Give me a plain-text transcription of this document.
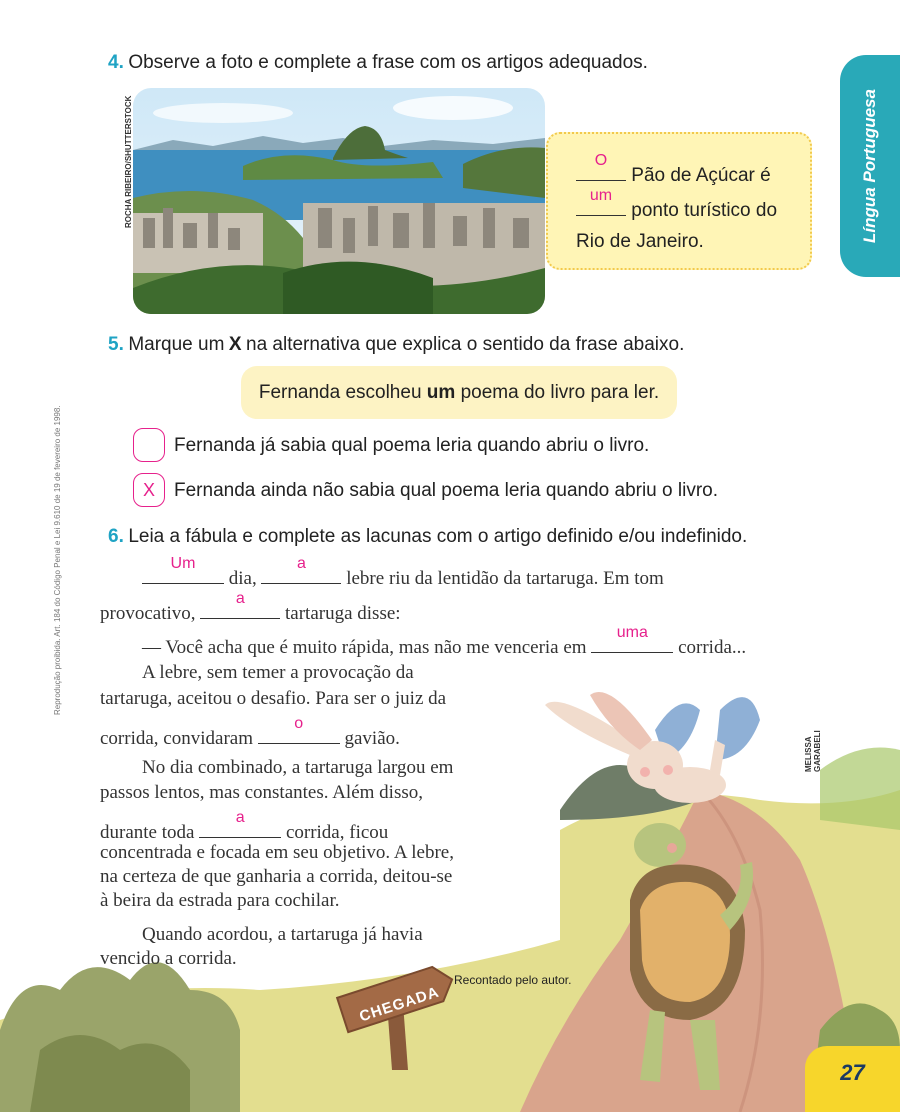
Língua Portuguesa
Reprodução proibida. Art. 184 do Código Penal e Lei 9.610 de 19 de fevereiro de 1998.
4. Observe a foto e complete a frase com os artigos adequados.
ROCHA RIBEIRO/SHUTTERSTOCK	O
Pão de Açúcar é
um
ponto turístico do
Rio de Janeiro.
5. Marque um X na alternativa que explica o sentido da frase abaixo.
Fernanda escolheu um poema do livro para ler.
Fernanda já sabia qual poema leria quando abriu o livro.
X	Fernanda ainda não sabia qual poema leria quando abriu o livro.
6. Leia a fábula e complete as lacunas com o artigo definido e/ou indefinido.
CHEGADA
MELISSA GARABELI
Um
dia,
a
lebre riu da lentidão da tartaruga. Em tom
provocativo,
a
tartaruga disse:
— Você acha que é muito rápida, mas não me venceria em
uma
corrida...
A lebre, sem temer a provocação da
tartaruga, aceitou o desafio. Para ser o juiz da
corrida, convidaram
o
gavião.
No dia combinado, a tartaruga largou em
passos lentos, mas constantes. Além disso,
durante toda
a
corrida, ficou
concentrada e focada em seu objetivo. A lebre,
na certeza de que ganharia a corrida, deitou-se
à beira da estrada para cochilar.
Quando acordou, a tartaruga já havia
vencido a corrida.
Recontado pelo autor.
27
